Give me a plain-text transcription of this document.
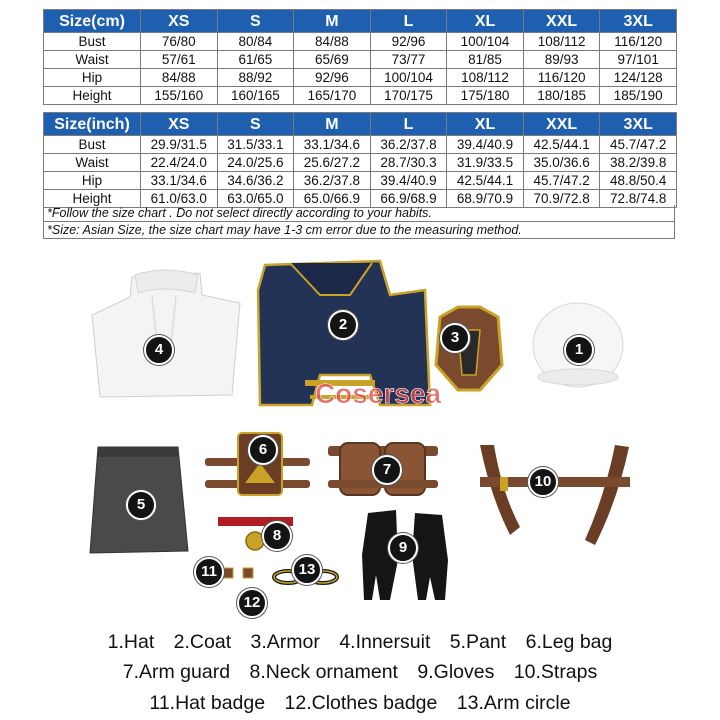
Size(cm)	XS	S	M	L	XL	XXL	3XL
Bust	76/80	80/84	84/88	92/96	100/104	108/112	116/120
Waist	57/61	61/65	65/69	73/77	81/85	89/93	97/101
Hip	84/88	88/92	92/96	100/104	108/112	116/120	124/128
Height	155/160	160/165	165/170	170/175	175/180	180/185	185/190
Size(inch)	XS	S	M	L	XL	XXL	3XL
Bust	29.9/31.5	31.5/33.1	33.1/34.6	36.2/37.8	39.4/40.9	42.5/44.1	45.7/47.2
Waist	22.4/24.0	24.0/25.6	25.6/27.2	28.7/30.3	31.9/33.5	35.0/36.6	38.2/39.8
Hip	33.1/34.6	34.6/36.2	36.2/37.8	39.4/40.9	42.5/44.1	45.7/47.2	48.8/50.4
Height	61.0/63.0	63.0/65.0	65.0/66.9	66.9/68.9	68.9/70.9	70.9/72.8	72.8/74.8
*Follow the size chart . Do not select directly according to your habits.
*Size: Asian Size, the size chart may have 1-3 cm error due to the measuring method.
Cosersea
1
2
3
4
5
6
7
8
9
10
11
12
13
1.Hat 2.Coat 3.Armor 4.Innersuit 5.Pant 6.Leg bag
7.Arm guard 8.Neck ornament 9.Gloves 10.Straps
11.Hat badge 12.Clothes badge 13.Arm circle
